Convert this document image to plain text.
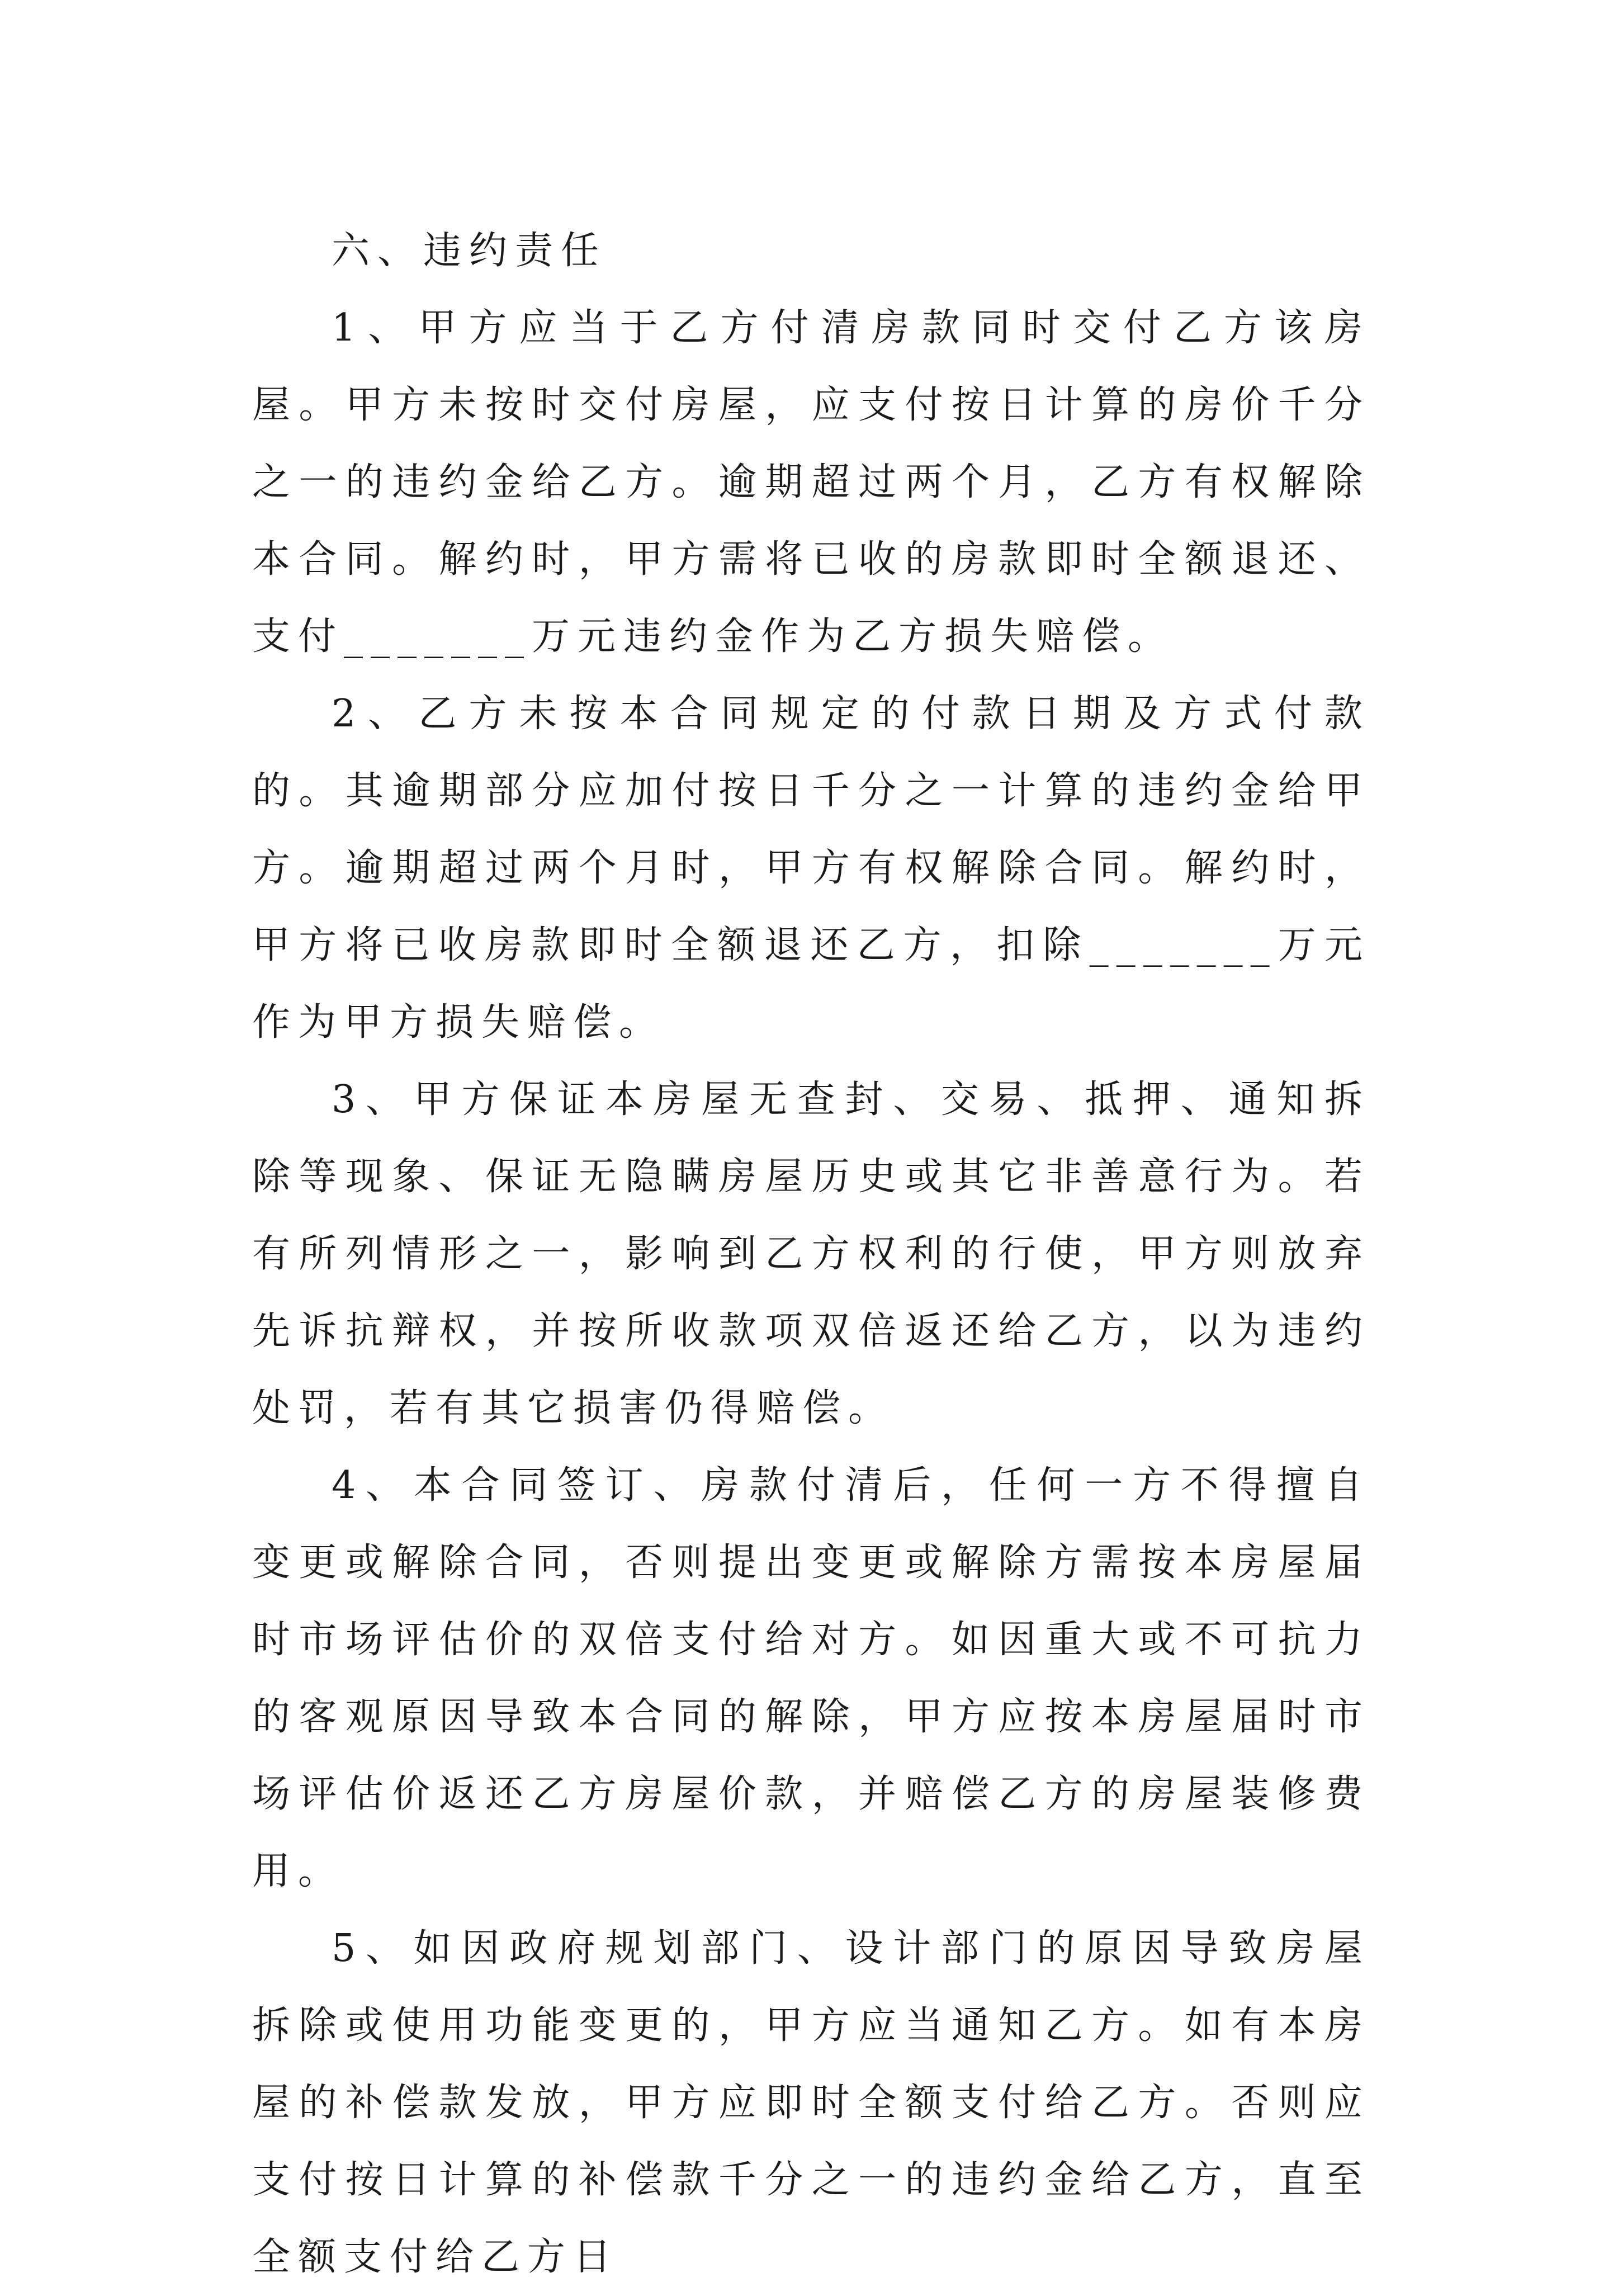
六、违约责任

1、甲方应当于乙方付清房款同时交付乙方该房屋。甲方未按时交付房屋，应支付按日计算的房价千分之一的违约金给乙方。逾期超过两个月，乙方有权解除本合同。解约时，甲方需将已收的房款即时全额退还、支付_______万元违约金作为乙方损失赔偿。

2、乙方未按本合同规定的付款日期及方式付款的。其逾期部分应加付按日千分之一计算的违约金给甲方。逾期超过两个月时，甲方有权解除合同。解约时，甲方将已收房款即时全额退还乙方，扣除_______万元作为甲方损失赔偿。

3、甲方保证本房屋无查封、交易、抵押、通知拆除等现象、保证无隐瞒房屋历史或其它非善意行为。若有所列情形之一，影响到乙方权利的行使，甲方则放弃先诉抗辩权，并按所收款项双倍返还给乙方，以为违约处罚，若有其它损害仍得赔偿。

4、本合同签订、房款付清后，任何一方不得擅自变更或解除合同，否则提出变更或解除方需按本房屋届时市场评估价的双倍支付给对方。如因重大或不可抗力的客观原因导致本合同的解除，甲方应按本房屋届时市场评估价返还乙方房屋价款，并赔偿乙方的房屋装修费用。

5、如因政府规划部门、设计部门的原因导致房屋拆除或使用功能变更的，甲方应当通知乙方。如有本房屋的补偿款发放，甲方应即时全额支付给乙方。否则应支付按日计算的补偿款千分之一的违约金给乙方，直至全额支付给乙方日
